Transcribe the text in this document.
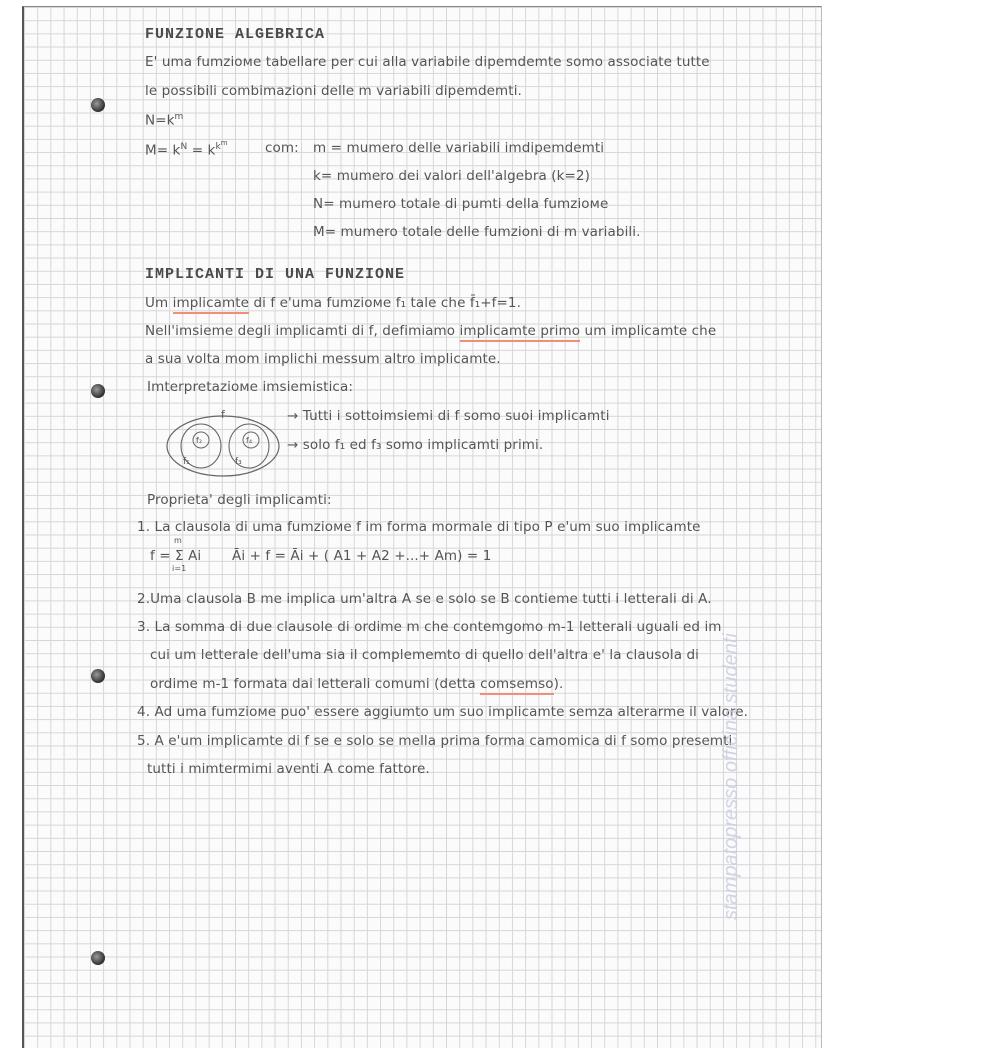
FUNZIONE ALGEBRICA
E' uma fumzioме tabellare per cui alla variabile dipemdemte somo associate tutte
le possibili combimazioni delle m variabili dipemdemti.
$N=k^m$
$M= k^N = k^{k^m}$	com: m = mumero delle variabili imdipemdemti
k= mumero dei valori dell'algebra (k=2)
N= mumero totale di pumti della fumzioме
M= mumero totale delle fumzioni di m variabili.
IMPLICANTI DI UNA FUNZIONE
Um implicamte di f e'uma fumzioме f₁ tale che f̄₁+f=1.
Nell'imsieme degli implicamti di f, defimiamo implicamte primo um implicamte che
a sua volta mom implichi messum altro implicamte.
Imterpretazioме imsiemistica:
f
f₁
f₂
f₃
f₄
→ Tutti i sottoimsiemi di f somo suoi implicamti
→ solo f₁ ed f₃ somo implicamti primi.
Proprieta' degli implicamti:
1. La clausola di uma fumzioме f im forma mormale di tipo P e'um suo implicamte
f = Σ Ai
m
i=1
Āi + f = Āi + ( A1 + A2 +...+ Am) = 1
2.Uma clausola B me implica um'altra A se e solo se B contieme tutti i letterali di A.
3. La somma di due clausole di ordime m che contemgomo m-1 letterali uguali ed im
cui um letterale dell'uma sia il complememto di quello dell'altra e' la clausola di
ordime m-1 formata dai letterali comumi (detta comsemso).
4. Ad uma fumzioме puo' essere aggiumto um suo implicamte semza alterarme il valore.
5. A e'um implicamte di f se e solo se mella prima forma camomica di f somo presemti
tutti i mimtermimi aventi A come fattore.	stampatopresso officina studenti
